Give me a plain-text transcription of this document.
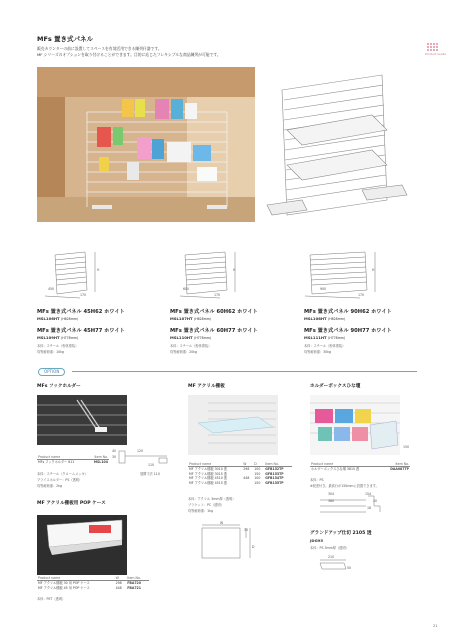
Product Guide
MFs 置き式パネル
販売カウンターの前に設置してスペースを有効活用できる陳列什器です。
MF シリーズのオプションを取り付けることができます。目的に応じたフレキシブルな商品陳列が可能です。
450
170
H
600
170
H
900
170
H
MFs 置き式パネル 45H62 ホワイト
MSL106HT (H628mm)
MFs 置き式パネル 60H62 ホワイト
MSL107HT (H628mm)
MFs 置き式パネル 90H62 ホワイト
MSL108HT (H628mm)
MFs 置き式パネル 45H77 ホワイト
MSL109HT (H778mm)
本体：スチール（粉体塗装）
均等耐荷重：10kg
MFs 置き式パネル 60H77 ホワイト
MSL110HT (H778mm)
本体：スチール（粉体塗装）
均等耐荷重：20kg
MFs 置き式パネル 90H77 ホワイト
MSL111HT (H778mm)
本体：スチール（粉体塗装）
均等耐荷重：30kg
OPTION
MFs フックホルダー
40
30
120
110
展開寸法 110
Product name	Item No.
MFs フックホルダー 611	MSL104
本体：スチール（クロームメッキ）
プライスホルダー：PS（透明）
均等耐荷重：2kg
MF アクリル棚板
Product name	W	D	Item No.
MF アクリル棚板 3010 透	298	100	GFB152TP
MF アクリル棚板 3015 透		150	GFB153TP
MF アクリル棚板 4510 透	448	100	GFB154TP
MF アクリル棚板 4515 透		150	GFB155TP
本体：アクリル 3mm厚（透明）
ブラケット：PC（透明）
均等耐荷重：1kg
W
30
D
ホルダーボックスひな壇
150
Product name	Item No.
ホルダーボックスひな壇 3815 透	DAA087TP
本体：PS
※段差付き。最高行が150mmに設置できます。
304
380
154
40
18
グランドアップ仕切 2105 透
JDG95
本体：PS 3mm厚（透明）
210
50
MF アクリル棚板用 POP ケース
Product name	W	Item No.
MF アクリル棚板 30 用 POP ケース	298	FBA720
MF アクリル棚板 45 用 POP ケース	448	FBA721
本体：PET（透明）
21
